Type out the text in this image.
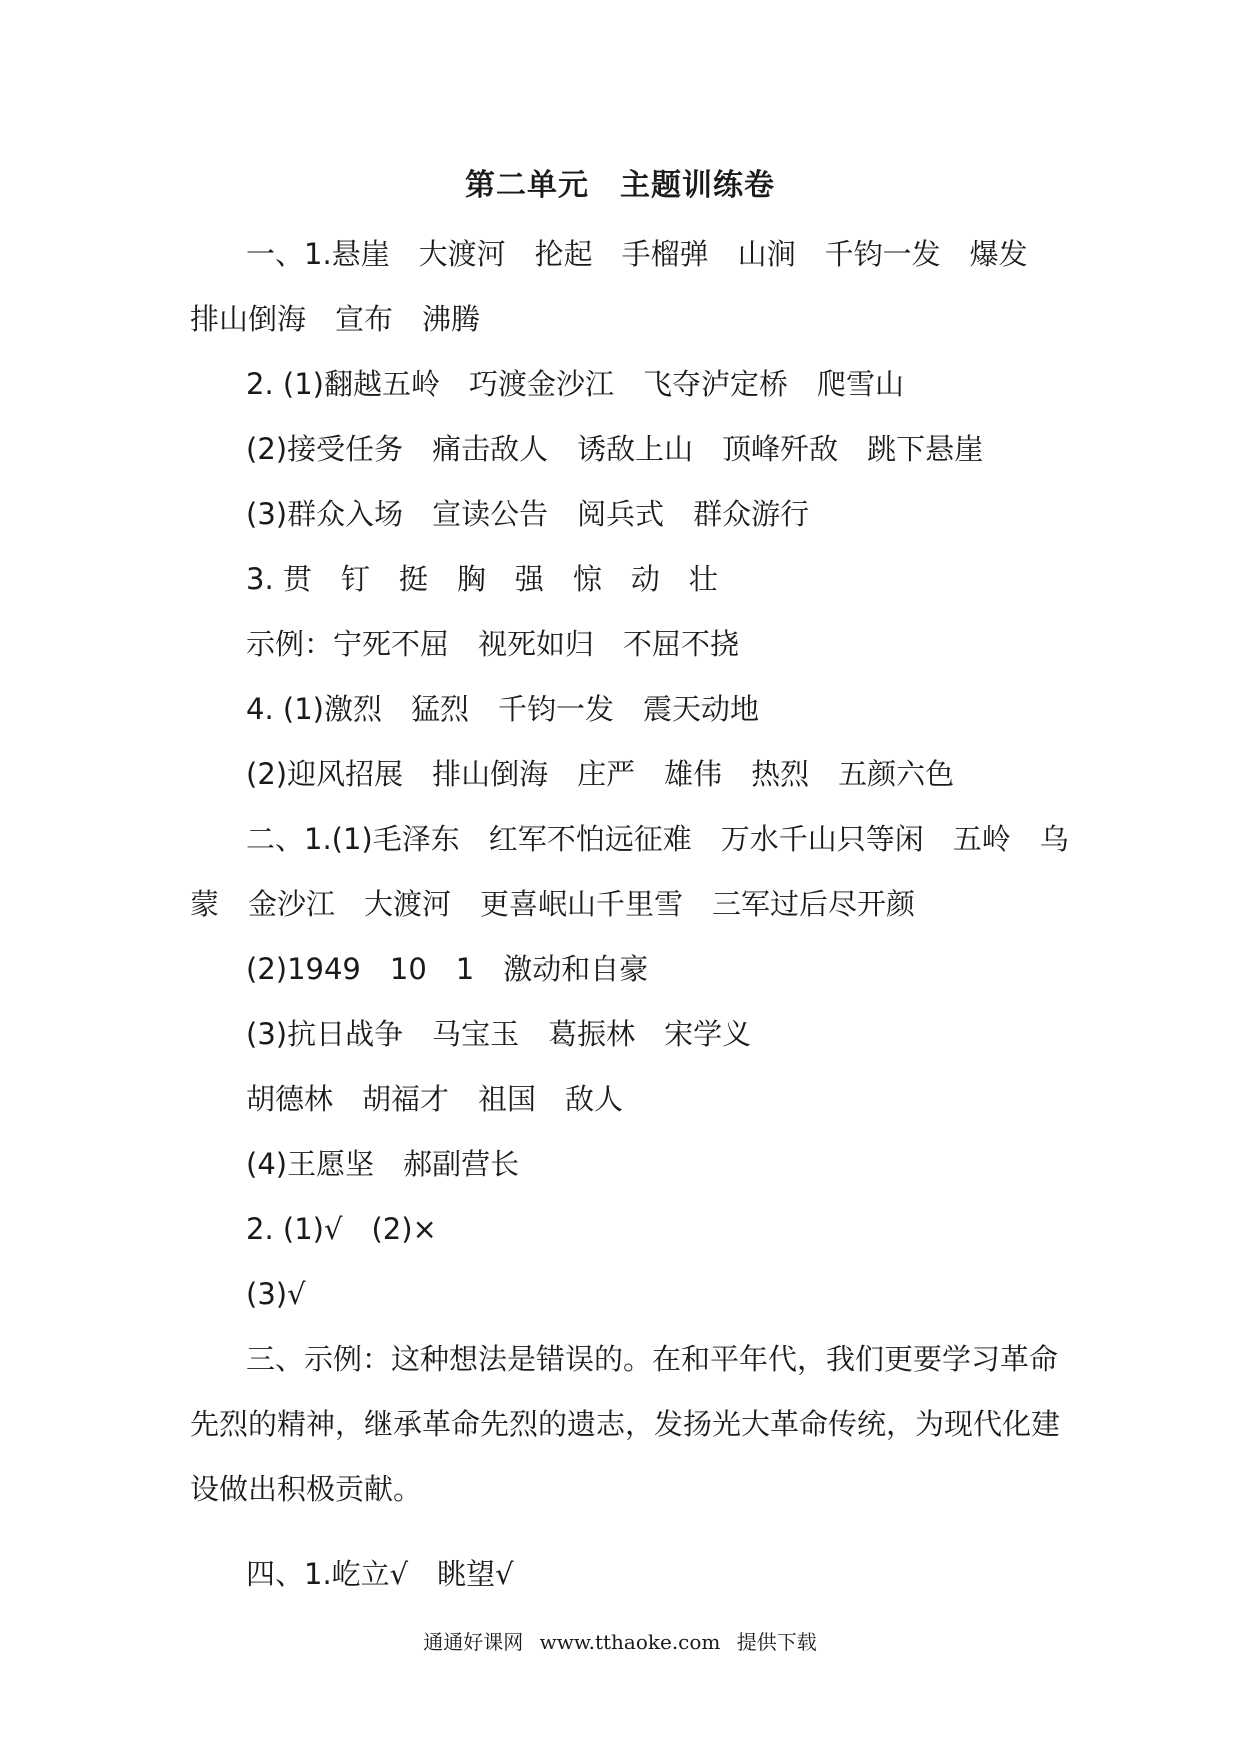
第二单元　主题训练卷
一、1.悬崖　大渡河　抡起　手榴弹　山涧　千钧一发　爆发
排山倒海　宣布　沸腾
2. (1)翻越五岭　巧渡金沙江　飞夺泸定桥　爬雪山
(2)接受任务　痛击敌人　诱敌上山　顶峰歼敌　跳下悬崖
(3)群众入场　宣读公告　阅兵式　群众游行
3. 贯　钉　挺　胸　强　惊　动　壮
示例：宁死不屈　视死如归　不屈不挠
4. (1)激烈　猛烈　千钧一发　震天动地
(2)迎风招展　排山倒海　庄严　雄伟　热烈　五颜六色
二、1.(1)毛泽东　红军不怕远征难　万水千山只等闲　五岭　乌
蒙　金沙江　大渡河　更喜岷山千里雪　三军过后尽开颜
(2)1949　10　1　激动和自豪
(3)抗日战争　马宝玉　葛振林　宋学义
胡德林　胡福才　祖国　敌人
(4)王愿坚　郝副营长
2. (1)√　(2)×
(3)√
三、示例：这种想法是错误的。在和平年代，我们更要学习革命
先烈的精神，继承革命先烈的遗志，发扬光大革命传统，为现代化建
设做出积极贡献。
四、1.屹立√　眺望√
通通好课网 www.tthaoke.com 提供下载
